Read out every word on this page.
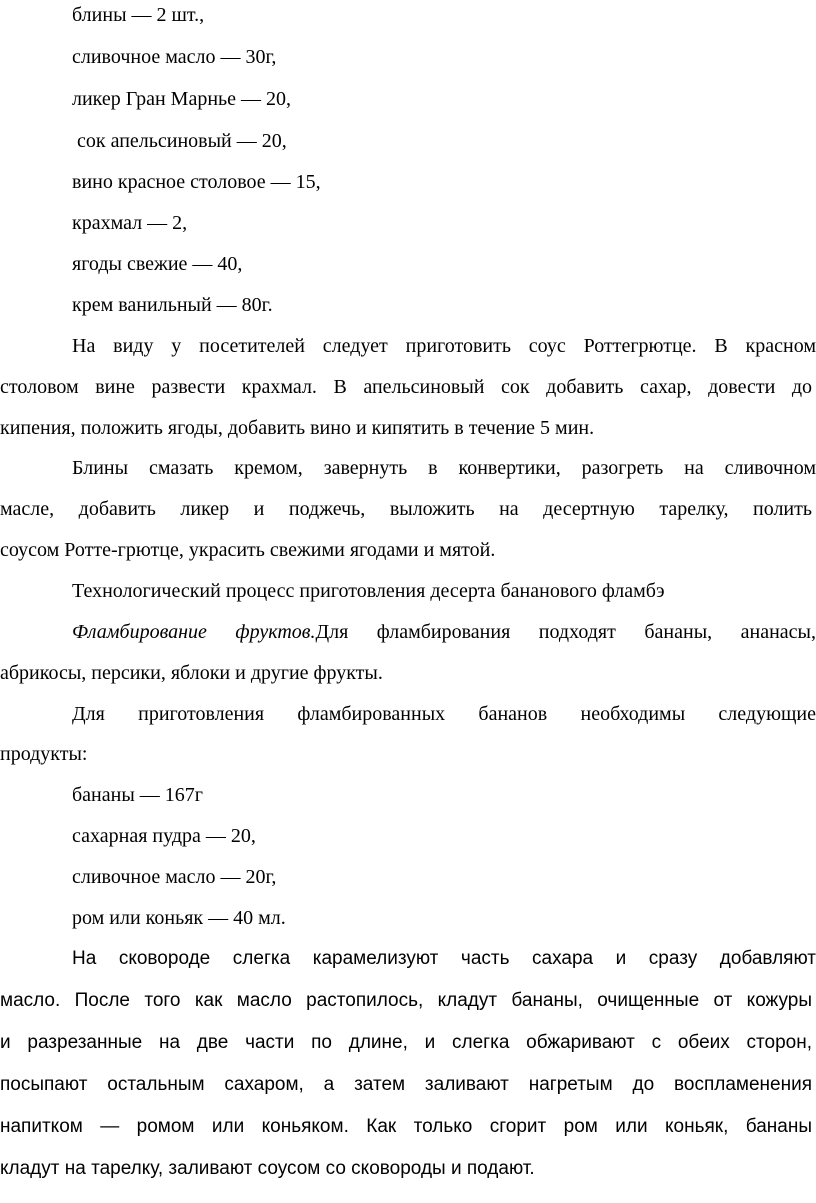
блины — 2 шт.,
сливочное масло — 30г,
ликер Гран Марнье — 20,
сок апельсиновый — 20,
вино красное столовое — 15,
крахмал — 2,
ягоды свежие — 40,
крем ванильный — 80г.
На виду у посетителей следует приготовить соус Роттегрютце. В красном
столовом вине развести крахмал. В апельсиновый сок добавить сахар, довести до
кипения, положить ягоды, добавить вино и кипятить в течение 5 мин.
Блины смазать кремом, завернуть в конвертики, разогреть на сливочном
масле, добавить ликер и поджечь, выложить на десертную тарелку, полить
соусом Ротте-грютце, украсить свежими ягодами и мятой.
Технологический процесс приготовления десерта бананового фламбэ
Фламбирование фруктов.Для фламбирования подходят бананы, ананасы,
абрикосы, персики, яблоки и другие фрукты.
Для приготовления фламбированных бананов необходимы следующие
продукты:
бананы — 167г
сахарная пудра — 20,
сливочное масло — 20г,
ром или коньяк — 40 мл.
На сковороде слегка карамелизуют часть сахара и сразу добавляют
масло. После того как масло растопилось, кладут бананы, очищенные от кожуры
и разрезанные на две части по длине, и слегка обжаривают с обеих сторон,
посыпают остальным сахаром, а затем заливают нагретым до воспламенения
напитком — ромом или коньяком. Как только сгорит ром или коньяк, бананы
кладут на тарелку, заливают соусом со сковороды и подают.
